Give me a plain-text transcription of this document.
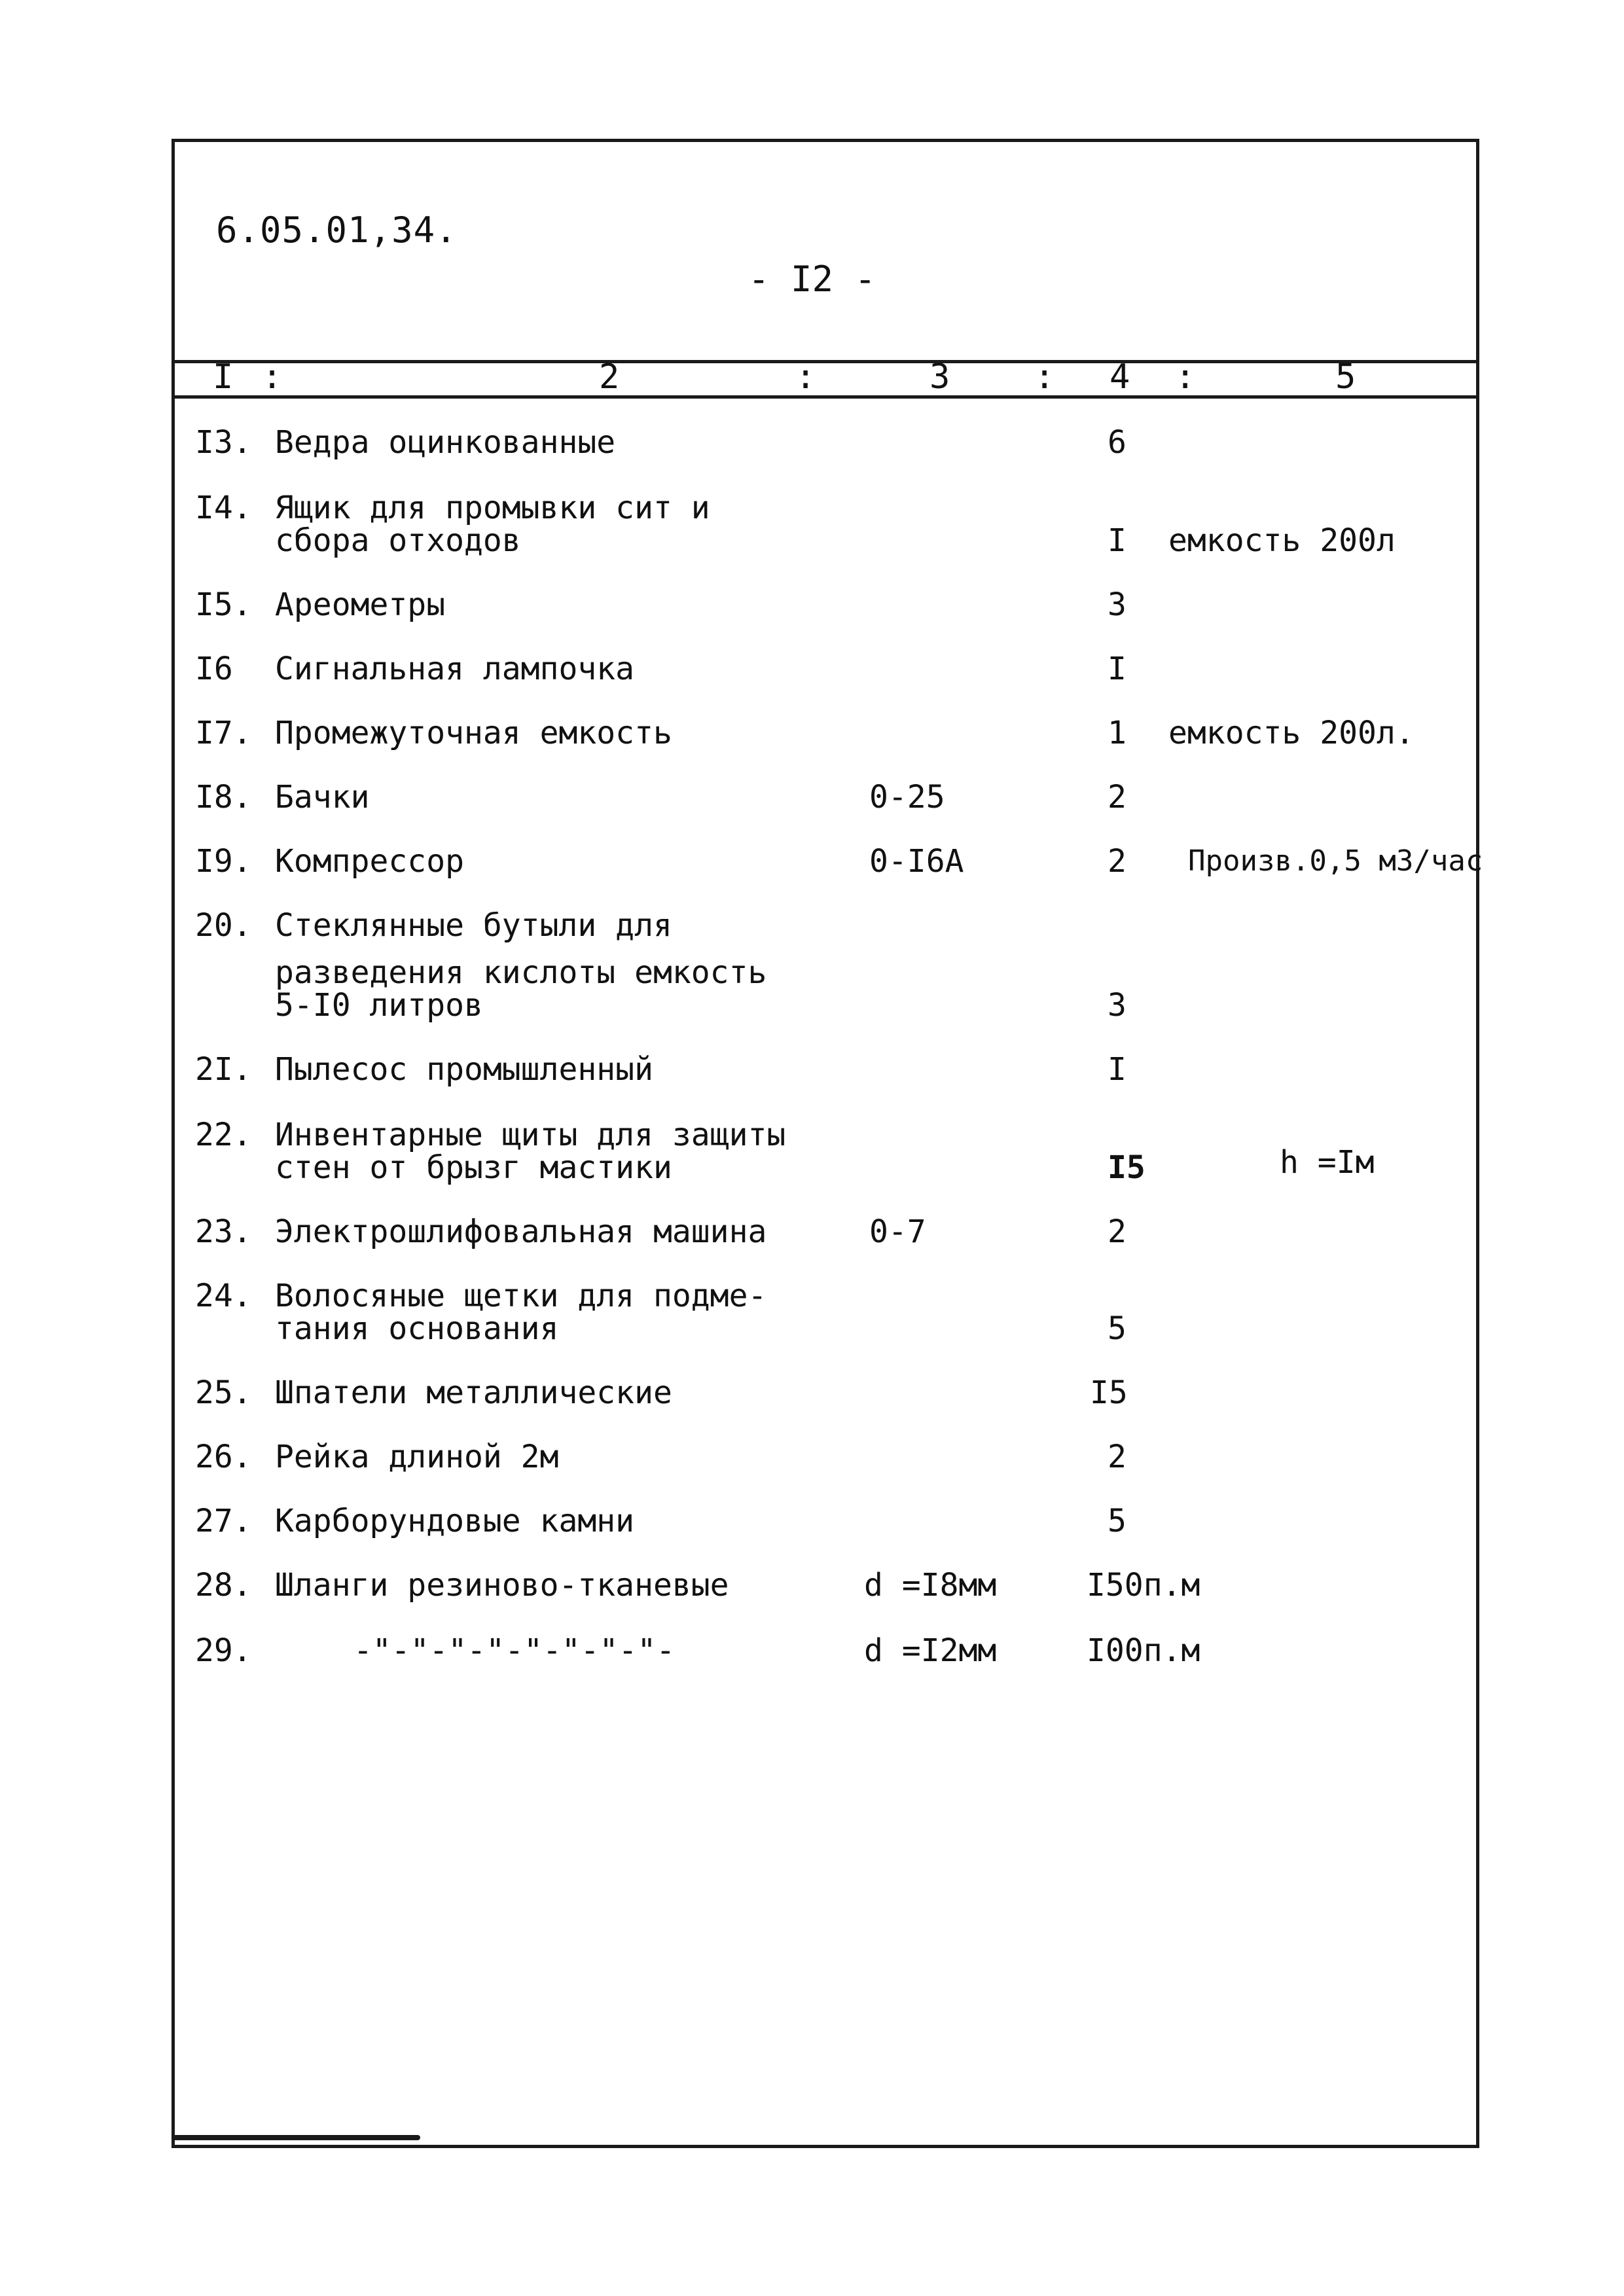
6.05.01,34.
- I2 -
I :	2	:	3 : 4 :	5
I3. Ведра оцинкованные	6
I4. Ящик для промывки сит и
сбора отходов	I емкость 200л
I5. Ареометры	3
I6 Сигнальная лампочка	I
I7. Промежуточная емкость	1 емкость 200л.
I8. Бачки	0-25	2
I9. Компрессор	0-I6A	2 Произв.0,5 м3/час
20. Стеклянные бутыли для
разведения кислоты емкость
5-I0 литров	3
2I. Пылесос промышленный	I
22. Инвентарные щиты для защиты
стен от брызг мастики	I5	h =Iм
23. Электрошлифовальная машина	0-7	2
24. Волосяные щетки для подме-
тания основания	5
25. Шпатели металлические	I5
26. Рейка длиной 2м	2
27. Карборундовые камни	5
28. Шланги резиново-тканевые	d =I8мм	I50п.м
29.	-"-"-"-"-"-"-"-"-	d =I2мм	I00п.м
